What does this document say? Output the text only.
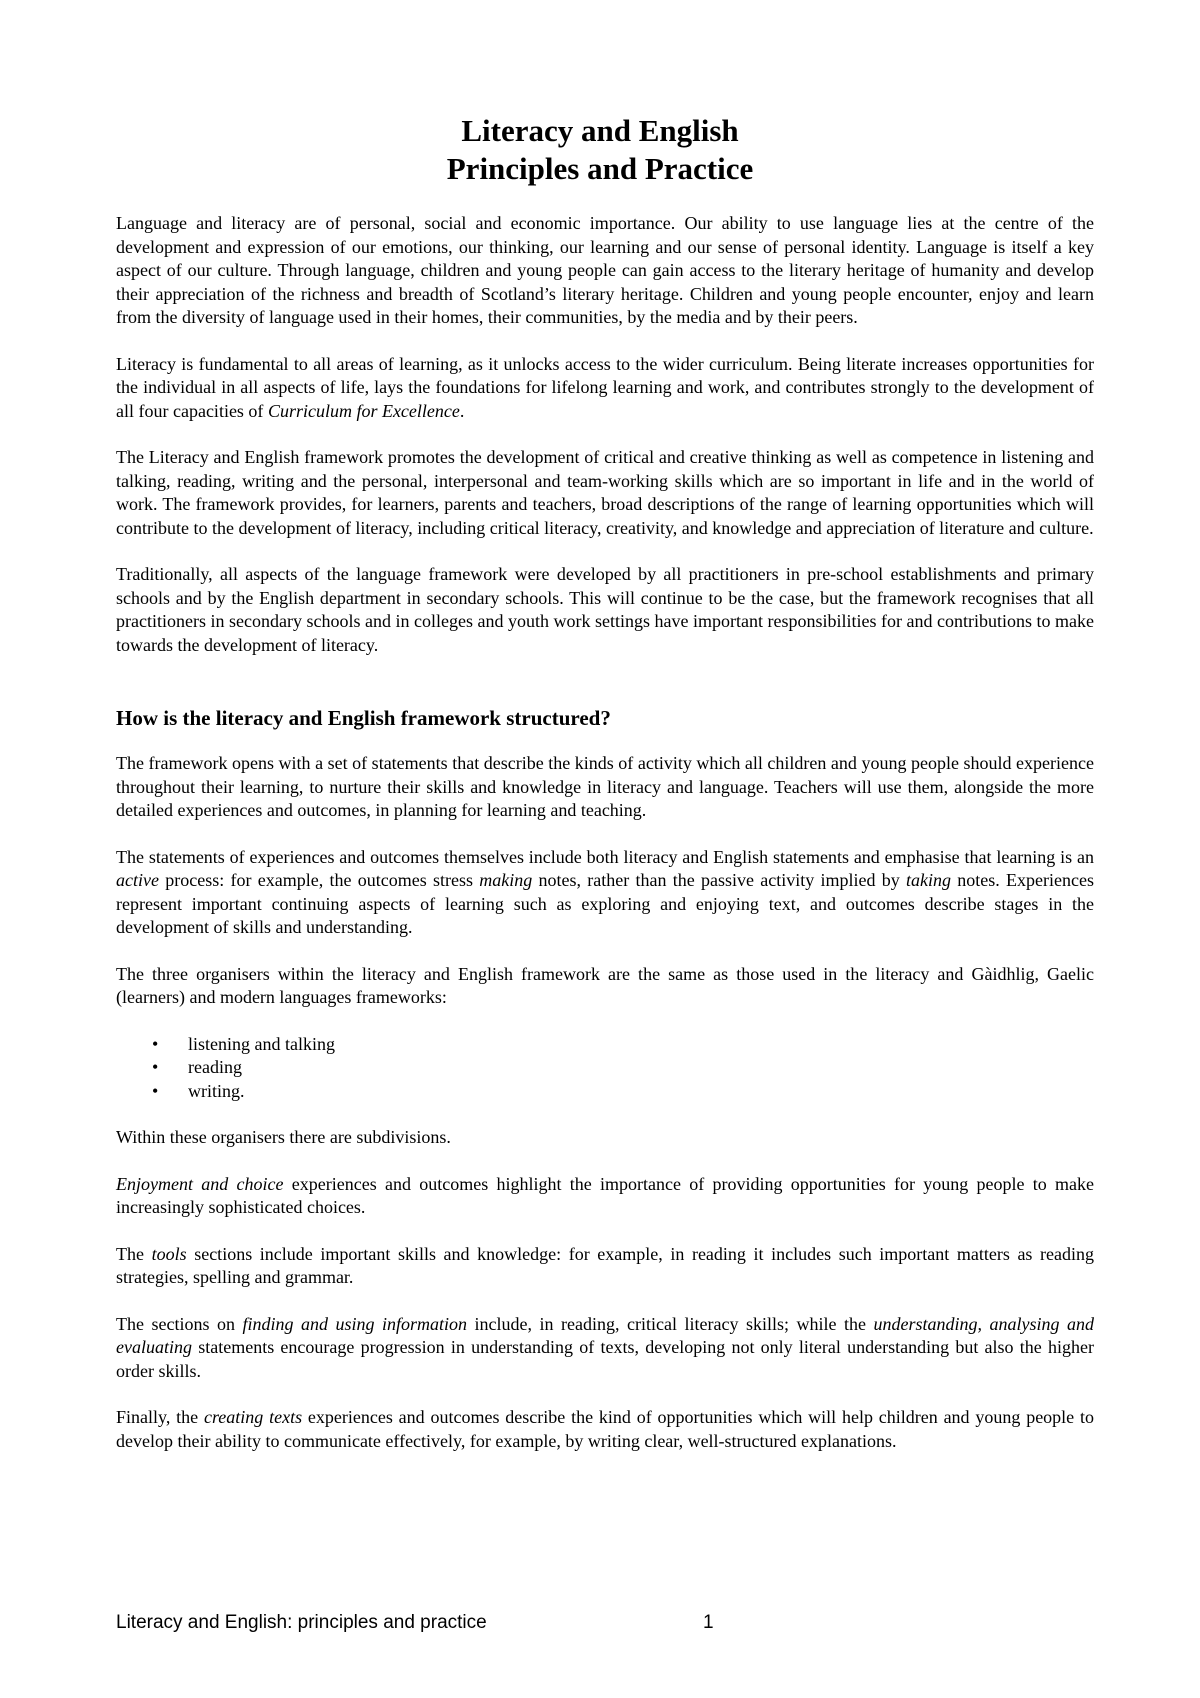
Literacy and English
Principles and Practice

Language and literacy are of personal, social and economic importance. Our ability to use language lies at the centre of the development and expression of our emotions, our thinking, our learning and our sense of personal identity. Language is itself a key aspect of our culture. Through language, children and young people can gain access to the literary heritage of humanity and develop their appreciation of the richness and breadth of Scotland’s literary heritage. Children and young people encounter, enjoy and learn from the diversity of language used in their homes, their communities, by the media and by their peers.

Literacy is fundamental to all areas of learning, as it unlocks access to the wider curriculum. Being literate increases opportunities for the individual in all aspects of life, lays the foundations for lifelong learning and work, and contributes strongly to the development of all four capacities of Curriculum for Excellence.

The Literacy and English framework promotes the development of critical and creative thinking as well as competence in listening and talking, reading, writing and the personal, interpersonal and team-working skills which are so important in life and in the world of work. The framework provides, for learners, parents and teachers, broad descriptions of the range of learning opportunities which will contribute to the development of literacy, including critical literacy, creativity, and knowledge and appreciation of literature and culture.

Traditionally, all aspects of the language framework were developed by all practitioners in pre-school establishments and primary schools and by the English department in secondary schools. This will continue to be the case, but the framework recognises that all practitioners in secondary schools and in colleges and youth work settings have important responsibilities for and contributions to make towards the development of literacy.

How is the literacy and English framework structured?

The framework opens with a set of statements that describe the kinds of activity which all children and young people should experience throughout their learning, to nurture their skills and knowledge in literacy and language. Teachers will use them, alongside the more detailed experiences and outcomes, in planning for learning and teaching.

The statements of experiences and outcomes themselves include both literacy and English statements and emphasise that learning is an active process: for example, the outcomes stress making notes, rather than the passive activity implied by taking notes. Experiences represent important continuing aspects of learning such as exploring and enjoying text, and outcomes describe stages in the development of skills and understanding.

The three organisers within the literacy and English framework are the same as those used in the literacy and Gàidhlig, Gaelic (learners) and modern languages frameworks:

• listening and talking
• reading
• writing.

Within these organisers there are subdivisions.

Enjoyment and choice experiences and outcomes highlight the importance of providing opportunities for young people to make increasingly sophisticated choices.

The tools sections include important skills and knowledge: for example, in reading it includes such important matters as reading strategies, spelling and grammar.

The sections on finding and using information include, in reading, critical literacy skills; while the understanding, analysing and evaluating statements encourage progression in understanding of texts, developing not only literal understanding but also the higher order skills.

Finally, the creating texts experiences and outcomes describe the kind of opportunities which will help children and young people to develop their ability to communicate effectively, for example, by writing clear, well-structured explanations.

Literacy and English: principles and practice	1
